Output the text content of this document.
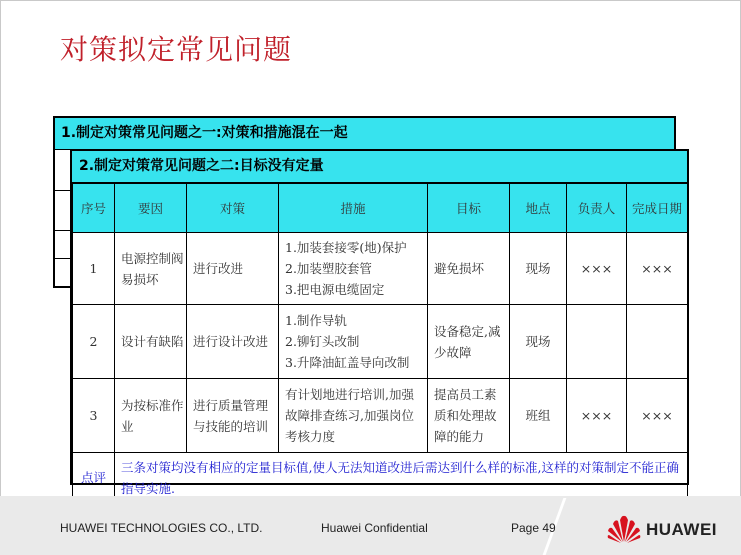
对策拟定常见问题
1.制定对策常见问题之一:对策和措施混在一起
2.制定对策常见问题之二:目标没有定量
序号	要因	对策	措施	目标	地点	负责人	完成日期
1	电源控制阀易损坏	进行改进	1.加装套接零(地)保护
2.加装塑胶套管
3.把电源电缆固定	避免损坏	现场	×××	×××
2	设计有缺陷	进行设计改进	1.制作导轨
2.铆钉头改制
3.升降油缸盖导向改制	设备稳定,减少故障	现场		
3	为按标准作业	进行质量管理与技能的培训	有计划地进行培训,加强故障排查练习,加强岗位考核力度	提高员工素质和处理故障的能力	班组	×××	×××
点评	三条对策均没有相应的定量目标值,使人无法知道改进后需达到什么样的标准,这样的对策制定不能正确指导实施.						
HUAWEI TECHNOLOGIES CO., LTD.	Huawei Confidential	Page 49	HUAWEI
